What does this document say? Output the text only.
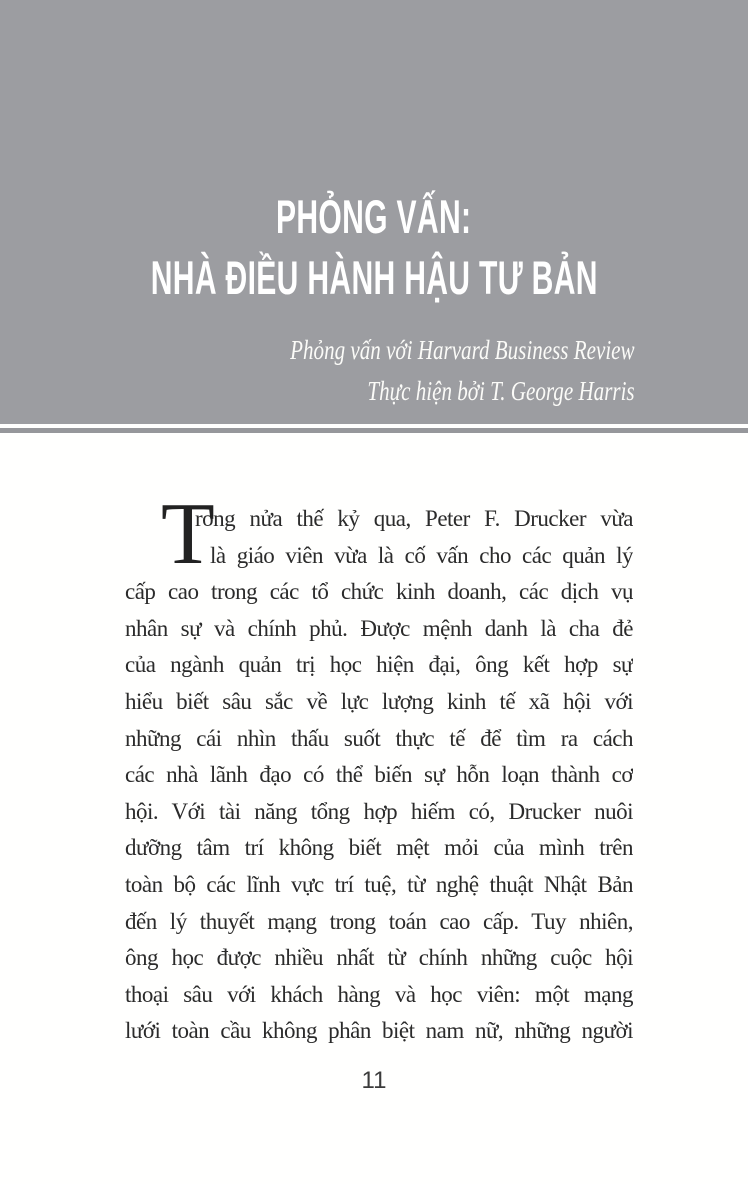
PHỎNG VẤN:
NHÀ ĐIỀU HÀNH HẬU TƯ BẢN
Phỏng vấn với Harvard Business Review
Thực hiện bởi T. George Harris
T
rong nửa thế kỷ qua, Peter F. Drucker vừa
là giáo viên vừa là cố vấn cho các quản lý
cấp cao trong các tổ chức kinh doanh, các dịch vụ
nhân sự và chính phủ. Được mệnh danh là cha đẻ
của ngành quản trị học hiện đại, ông kết hợp sự
hiểu biết sâu sắc về lực lượng kinh tế xã hội với
những cái nhìn thấu suốt thực tế để tìm ra cách
các nhà lãnh đạo có thể biến sự hỗn loạn thành cơ
hội. Với tài năng tổng hợp hiếm có, Drucker nuôi
dưỡng tâm trí không biết mệt mỏi của mình trên
toàn bộ các lĩnh vực trí tuệ, từ nghệ thuật Nhật Bản
đến lý thuyết mạng trong toán cao cấp. Tuy nhiên,
ông học được nhiều nhất từ chính những cuộc hội
thoại sâu với khách hàng và học viên: một mạng
lưới toàn cầu không phân biệt nam nữ, những người
11
